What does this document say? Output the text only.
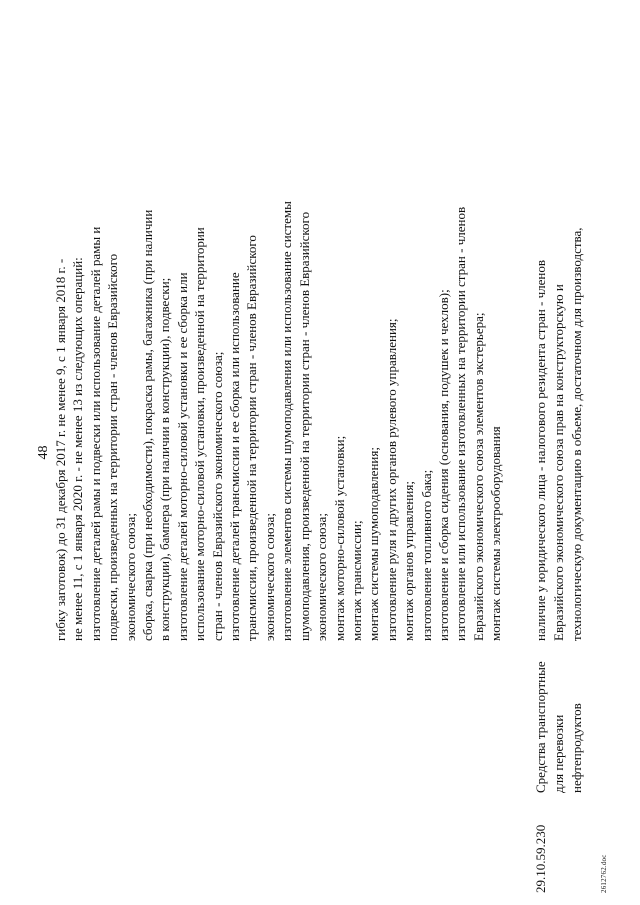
48 гибку заготовок) до 31 декабря 2017 г. не менее 9, с 1 января 2018 г. - не менее 11, с 1 января 2020 г. - не менее 13 из следующих операций: изготовление деталей рамы и подвески или использование деталей рамы и подвески, произведенных на территории стран - членов Евразийского экономического союза; сборка, сварка (при необходимости), покраска рамы, багажника (при наличии в конструкции), бампера (при наличии в конструкции), подвески; изготовление деталей моторно-силовой установки и ее сборка или использование моторно-силовой установки, произведенной на территории стран - членов Евразийского экономического союза; изготовление деталей трансмиссии и ее сборка или использование трансмиссии, произведенной на территории стран - членов Евразийского экономического союза; изготовление элементов системы шумоподавления или использование системы шумоподавления, произведенной на территории стран - членов Евразийского экономического союза; монтаж моторно-силовой установки; монтаж трансмиссии; монтаж системы шумоподавления; изготовление руля и других органов рулевого управления; монтаж органов управления; изготовление топливного бака; изготовление и сборка сидения (основания, подушек и чехлов); изготовление или использование изготовленных на территории стран - членов Евразийского экономического союза элементов экстерьера; монтаж системы электрооборудования
29.10.59.230
Средства транспортные для перевозки нефтепродуктов
наличие у юридического лица - налогового резидента стран - членов Евразийского экономического союза прав на конструкторскую и технологическую документацию в объеме, достаточном для производства,
2612762.doc
